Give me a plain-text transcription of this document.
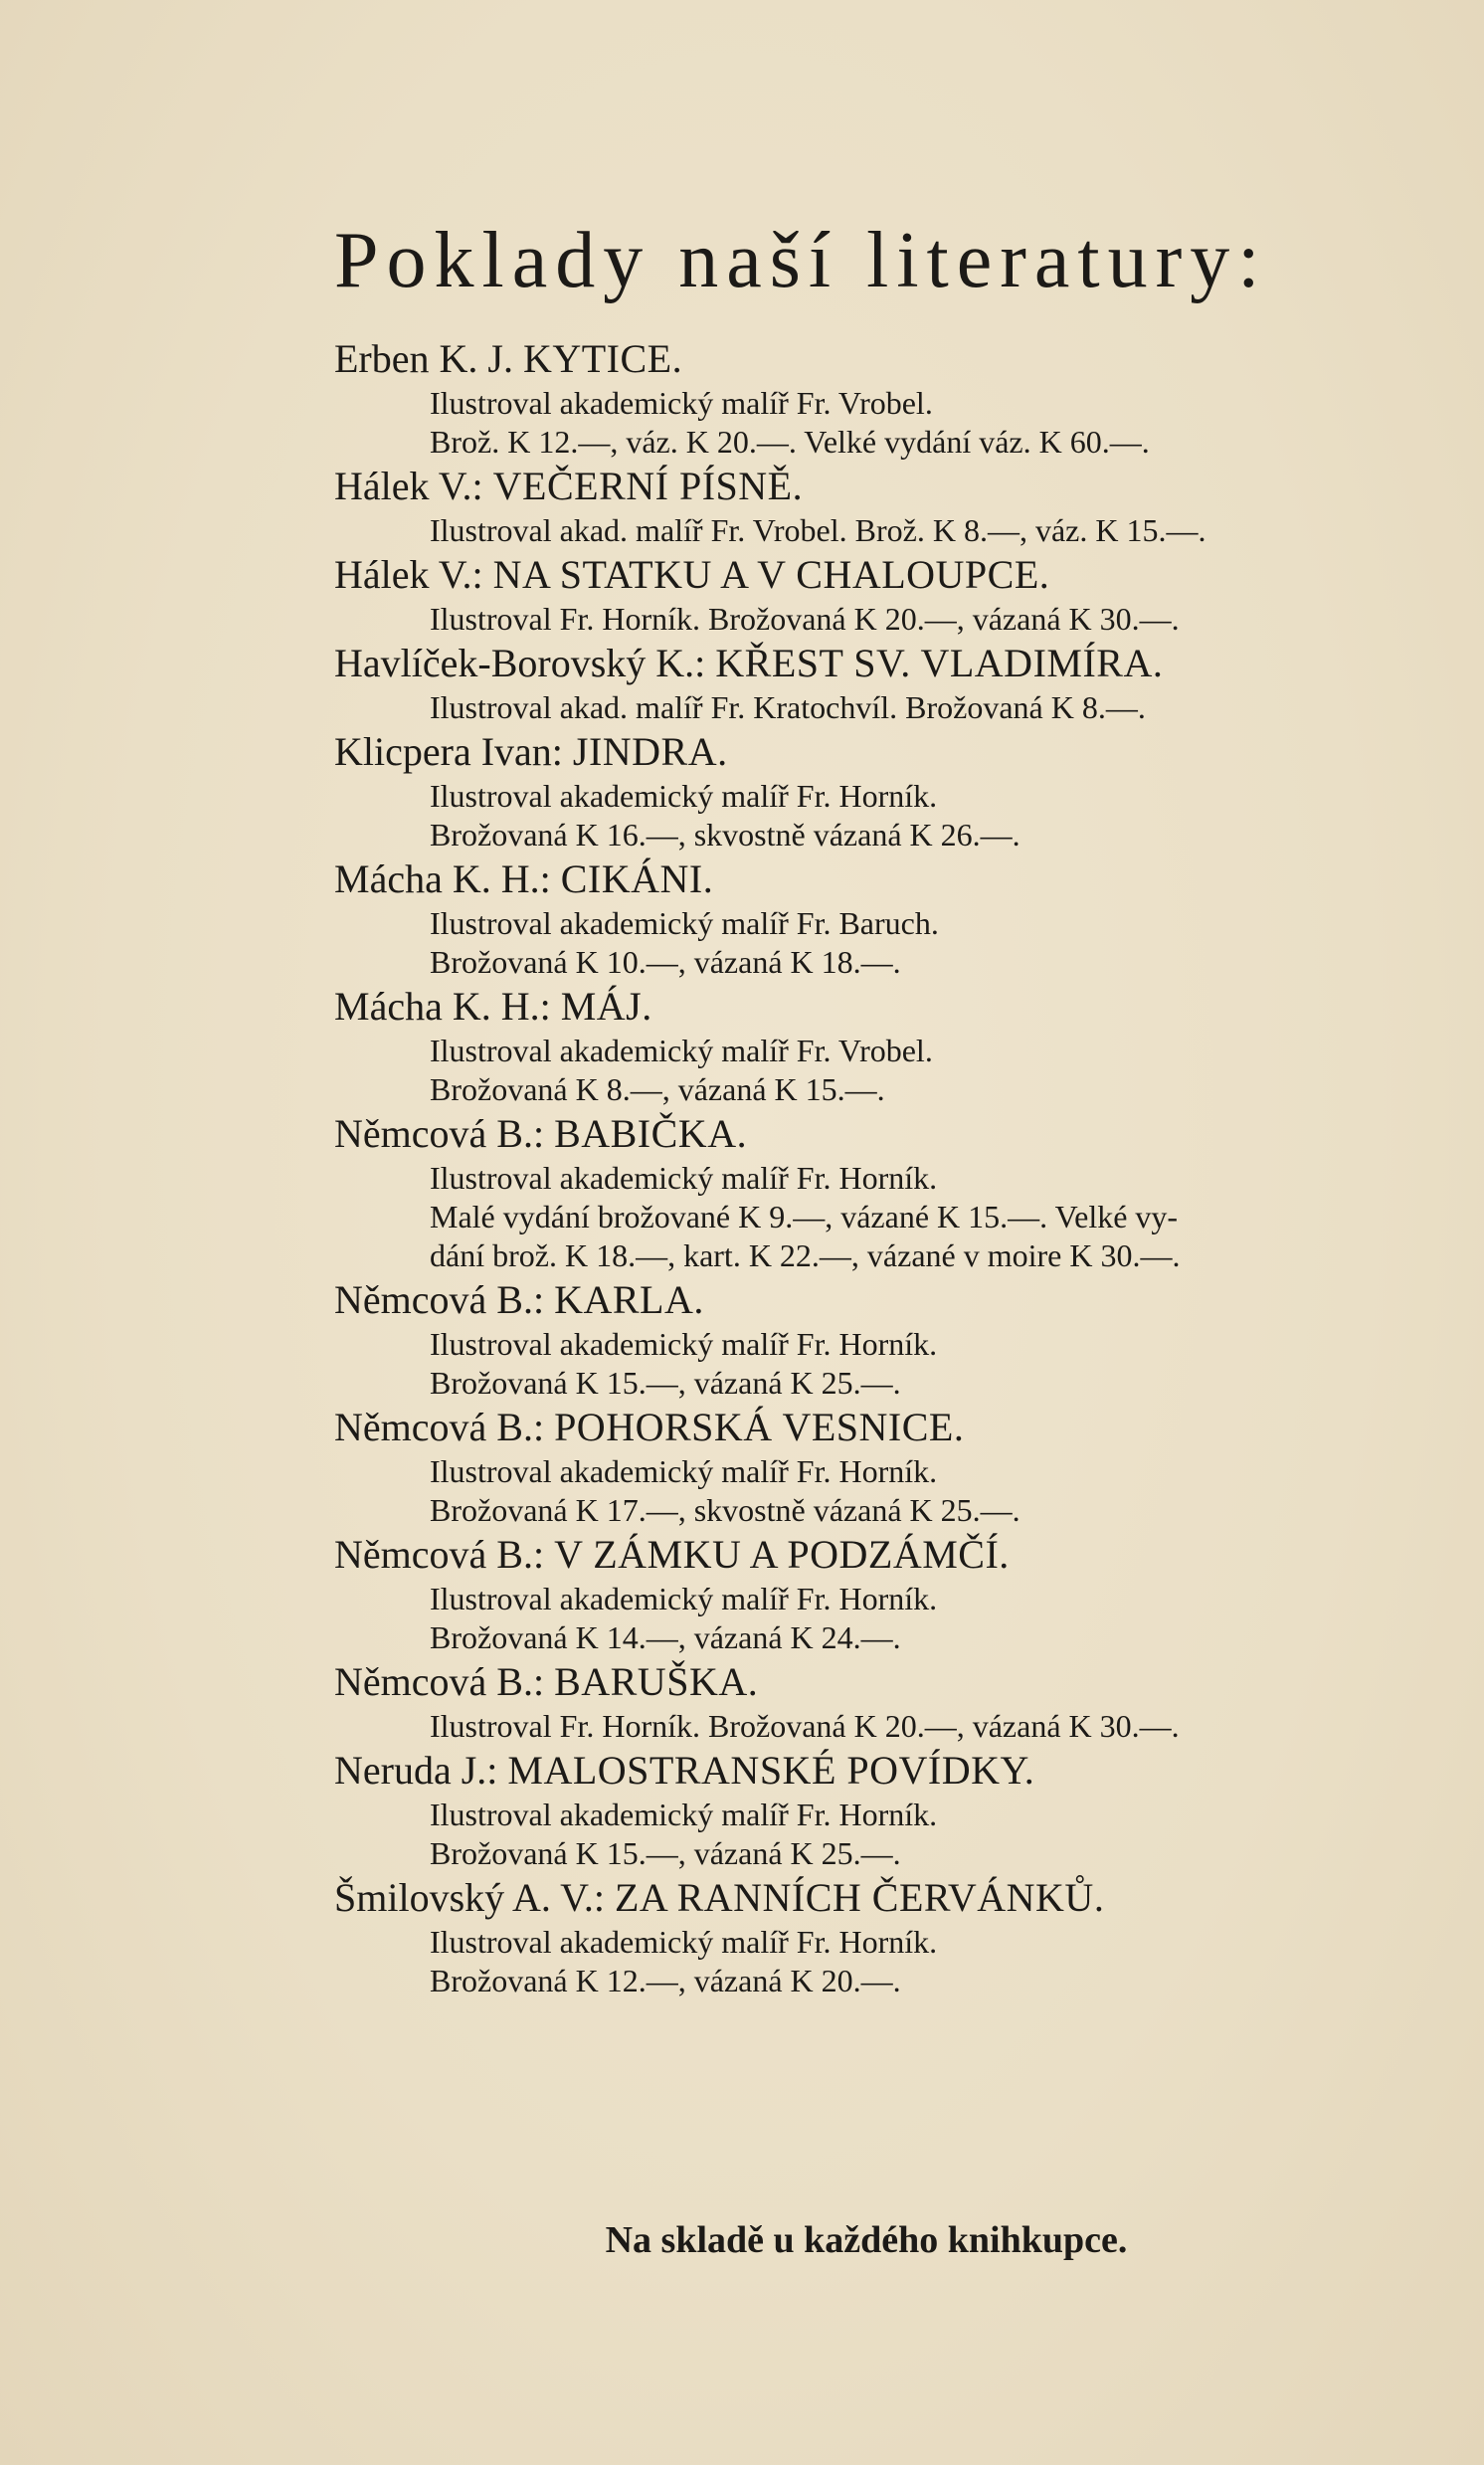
Poklady naší literatury:
Erben K. J. KYTICE.
Ilustroval akademický malíř Fr. Vrobel.
Brož. K 12.—, váz. K 20.—. Velké vydání váz. K 60.—.
Hálek V.: VEČERNÍ PÍSNĚ.
Ilustroval akad. malíř Fr. Vrobel. Brož. K 8.—, váz. K 15.—.
Hálek V.: NA STATKU A V CHALOUPCE.
Ilustroval Fr. Horník. Brožovaná K 20.—, vázaná K 30.—.
Havlíček-Borovský K.: KŘEST SV. VLADIMÍRA.
Ilustroval akad. malíř Fr. Kratochvíl. Brožovaná K 8.—.
Klicpera Ivan: JINDRA.
Ilustroval akademický malíř Fr. Horník.
Brožovaná K 16.—, skvostně vázaná K 26.—.
Mácha K. H.: CIKÁNI.
Ilustroval akademický malíř Fr. Baruch.
Brožovaná K 10.—, vázaná K 18.—.
Mácha K. H.: MÁJ.
Ilustroval akademický malíř Fr. Vrobel.
Brožovaná K 8.—, vázaná K 15.—.
Němcová B.: BABIČKA.
Ilustroval akademický malíř Fr. Horník.
Malé vydání brožované K 9.—, vázané K 15.—. Velké vy-
dání brož. K 18.—, kart. K 22.—, vázané v moire K 30.—.
Němcová B.: KARLA.
Ilustroval akademický malíř Fr. Horník.
Brožovaná K 15.—, vázaná K 25.—.
Němcová B.: POHORSKÁ VESNICE.
Ilustroval akademický malíř Fr. Horník.
Brožovaná K 17.—, skvostně vázaná K 25.—.
Němcová B.: V ZÁMKU A PODZÁMČÍ.
Ilustroval akademický malíř Fr. Horník.
Brožovaná K 14.—, vázaná K 24.—.
Němcová B.: BARUŠKA.
Ilustroval Fr. Horník. Brožovaná K 20.—, vázaná K 30.—.
Neruda J.: MALOSTRANSKÉ POVÍDKY.
Ilustroval akademický malíř Fr. Horník.
Brožovaná K 15.—, vázaná K 25.—.
Šmilovský A. V.: ZA RANNÍCH ČERVÁNKŮ.
Ilustroval akademický malíř Fr. Horník.
Brožovaná K 12.—, vázaná K 20.—.
Na skladě u každého knihkupce.
